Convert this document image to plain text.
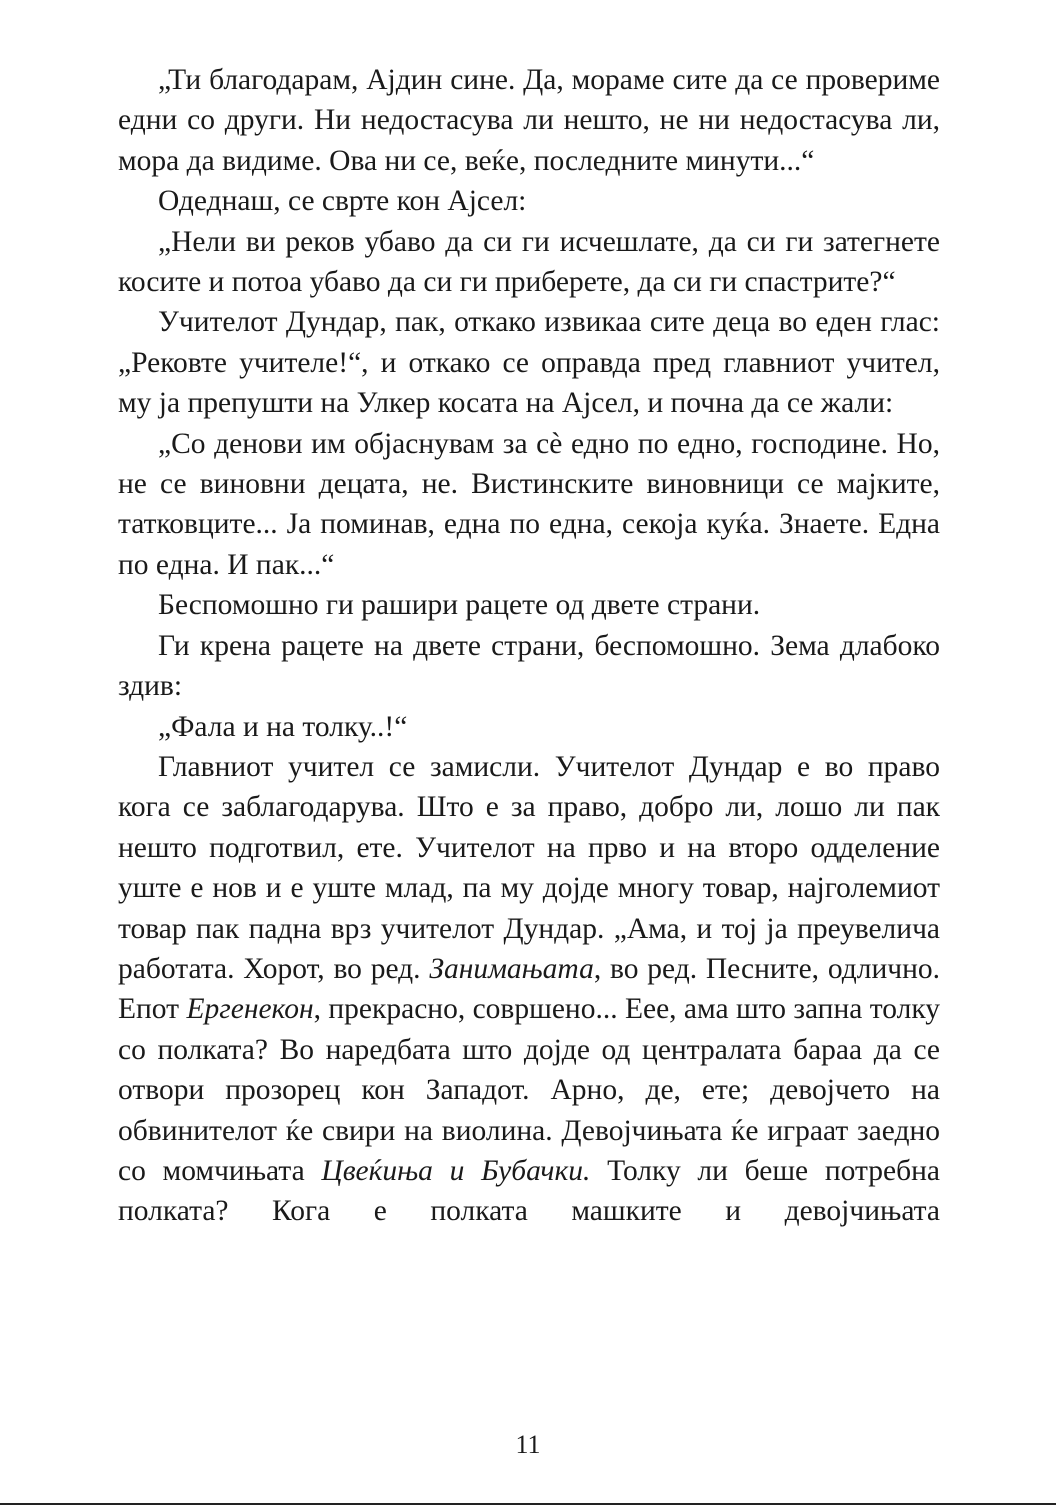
„Ти благодарам, Ајдин сине. Да, мораме сите да се провериме едни со други. Ни недостасува ли нешто, не ни недостасува ли, мора да видиме. Ова ни се, веќе, последните минути...“

Одеднаш, се сврте кон Ајсел:

„Нели ви реков убаво да си ги исчешлате, да си ги затегнете косите и потоа убаво да си ги приберете, да си ги спастрите?“

Учителот Дундар, пак, откако извикаа сите деца во еден глас: „Рековте учителе!“, и откако се оправда пред главниот учител, му ја препушти на Улкер косата на Ајсел, и почна да се жали:

„Со денови им објаснувам за сѐ едно по едно, господине. Но, не се виновни децата, не. Вистинските виновници се мајките, татковците... Ја поминав, една по една, секоја куќа. Знаете. Една по една. И пак...“

Беспомошно ги рашири рацете од двете страни.

Ги крена рацете на двете страни, беспомошно. Зема длабоко здив:

„Фала и на толку..!“

Главниот учител се замисли. Учителот Дундар е во право кога се заблагодарува. Што е за право, добро ли, лошо ли пак нешто подготвил, ете. Учителот на прво и на второ одделение уште е нов и е уште млад, па му дојде многу товар, најголемиот товар пак падна врз учителот Дундар. „Ама, и тој ја преувелича работата. Хорот, во ред. Занимањата, во ред. Песните, одлично. Епот Ергенекон, прекрасно, совршено... Еее, ама што запна толку со полката? Во наредбата што дојде од централата бараа да се отвори прозорец кон Западот. Арно, де, ете; девојчето на обвинителот ќе свири на виолина. Девојчињата ќе играат заедно со момчињата Цвеќиња и Бубачки. Толку ли беше потребна полката? Кога е полката машките и девојчињата

11
